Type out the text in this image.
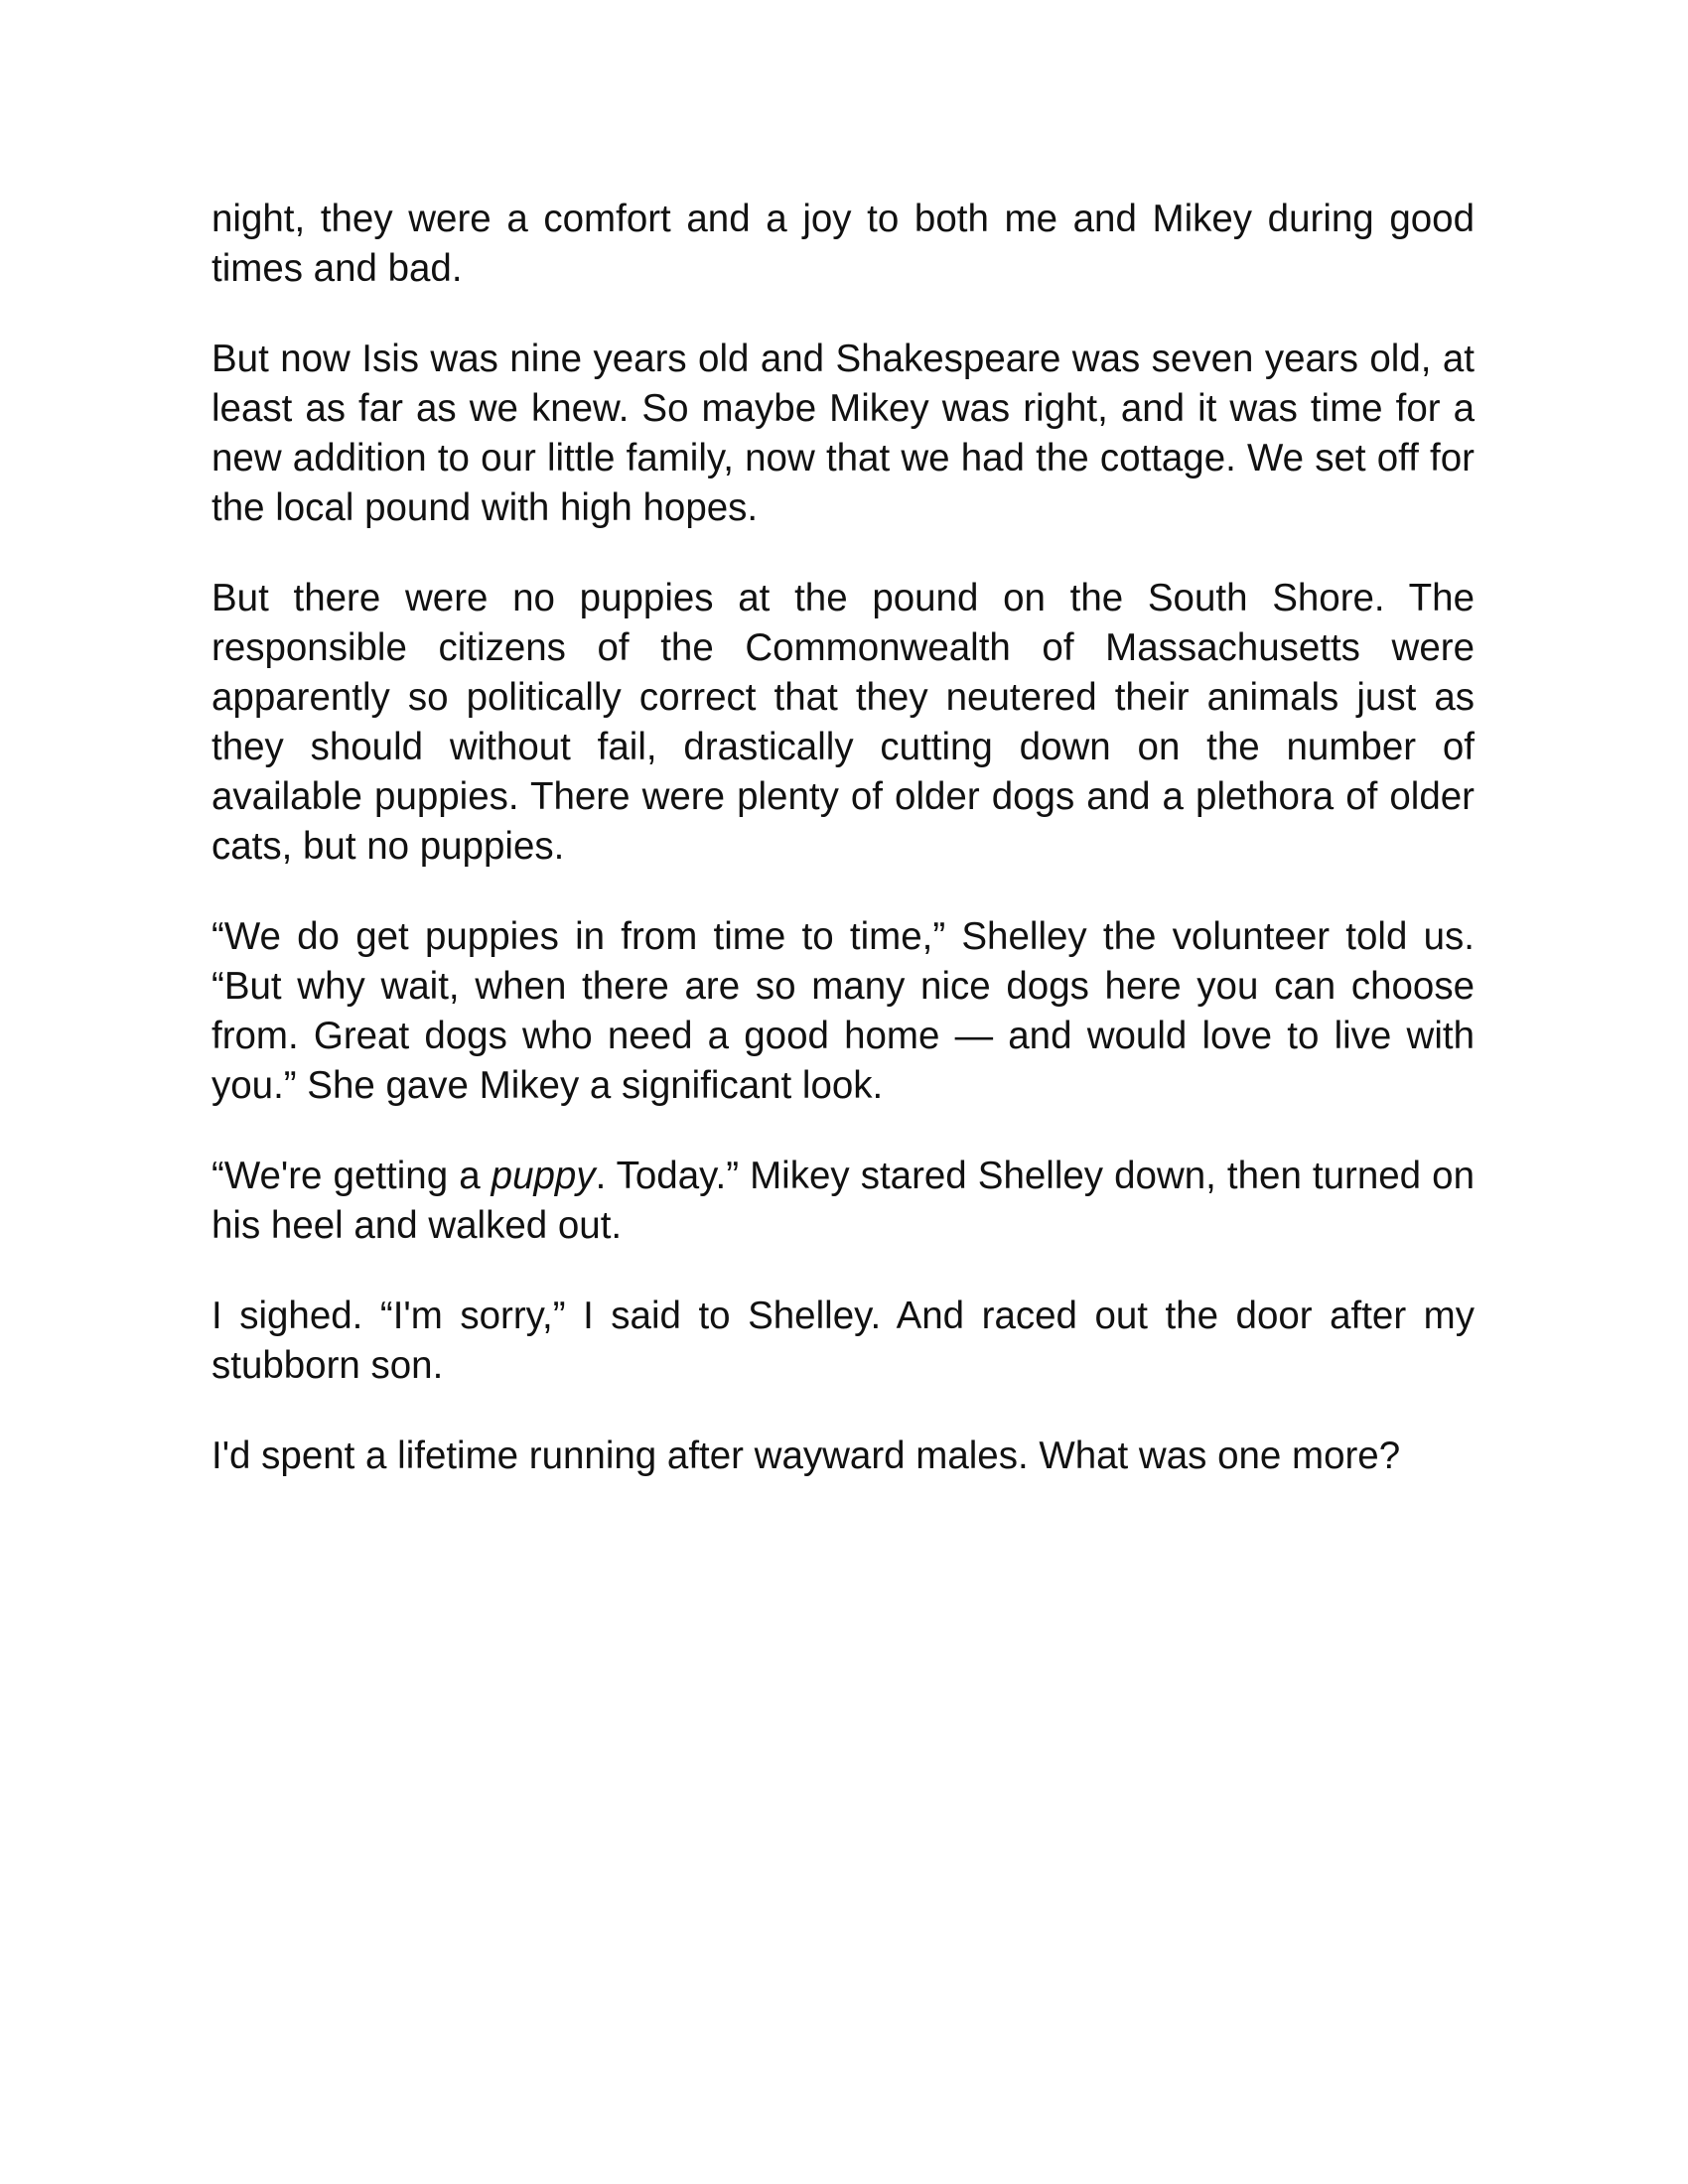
night, they were a comfort and a joy to both me and Mikey during good times and bad.

But now Isis was nine years old and Shakespeare was seven years old, at least as far as we knew. So maybe Mikey was right, and it was time for a new addition to our little family, now that we had the cottage. We set off for the local pound with high hopes.

But there were no puppies at the pound on the South Shore. The responsible citizens of the Commonwealth of Massachusetts were apparently so politically correct that they neutered their animals just as they should without fail, drastically cutting down on the number of available puppies. There were plenty of older dogs and a plethora of older cats, but no puppies.

“We do get puppies in from time to time,” Shelley the volunteer told us. “But why wait, when there are so many nice dogs here you can choose from. Great dogs who need a good home — and would love to live with you.” She gave Mikey a significant look.

“We're getting a puppy. Today.” Mikey stared Shelley down, then turned on his heel and walked out.

I sighed. “I'm sorry,” I said to Shelley. And raced out the door after my stubborn son.

I'd spent a lifetime running after wayward males. What was one more?
